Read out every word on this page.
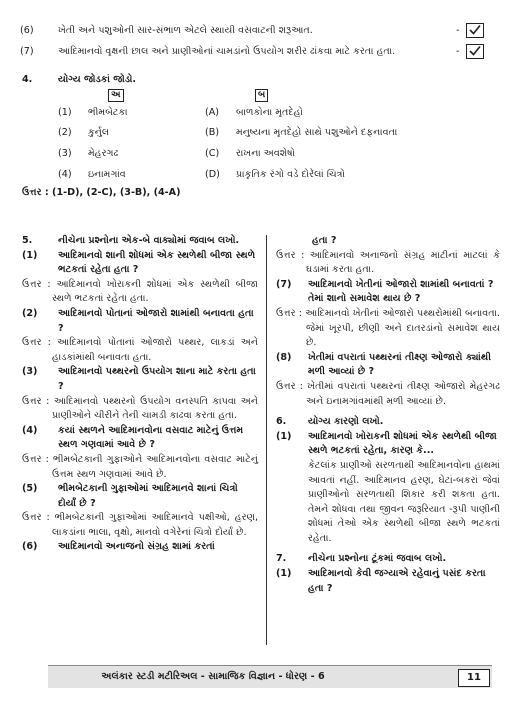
(6)	ખેતી અને પશુઓની સાર-સંભાળ એટલે સ્થાયી વસવાટની શરૂઆત.	-
(7)	આદિમાનવો વૃક્ષની છાલ અને પ્રાણીઓનાં ચામડાંનો ઉપયોગ શરીર ઢાંકવા માટે કરતા હતા.	-
4.	યોગ્ય જોડકાં જોડો.
અ	બ
(1) ભીમબેટકા	(A) બાળકોના મૃતદેહો
(2) કુર્નુલ	(B) મનુષ્યના મૃતદેહો સાથે પશુઓને દફનાવતા
(3) મેહરગઢ	(C) રાખના અવશેષો
(4) ઇનામગાંવ	(D) પ્રાકૃતિક રંગો વડે દોરેલાં ચિત્રો
ઉત્તર : (1-D), (2-C), (3-B), (4-A)
5.	નીચેના પ્રશ્નોના એક-બે વાક્યોમાં જવાબ લખો.
(1) આદિમાનવો શાની શોધમાં એક સ્થળેથી બીજા સ્થળે ભટકતાં રહેતા હતા ?
ઉત્તર : આદિમાનવો ખોરાકની શોધમાં એક સ્થળેથી બીજા સ્થળે ભટકતાં રહેતા હતા.
(2) આદિમાનવો પોતાનાં ઓજારો શામાંથી બનાવતા હતા ?
ઉત્તર : આદિમાનવો પોતાનાં ઓજારો પથ્થર, લાકડાં અને હાડકાંમાંથી બનાવતા હતા.
(3) આદિમાનવો પથ્થરનો ઉપયોગ શાના માટે કરતા હતા ?
ઉત્તર : આદિમાનવો પથ્થરનો ઉપયોગ વનસ્પતિ કાપવા અને પ્રાણીઓને ચીરીને તેની ચામડી કાઢવા કરતા હતા.
(4) કયાં સ્થળને આદિમાનવોના વસવાટ માટેનું ઉત્તમ સ્થળ ગણવામાં આવે છે ?
ઉત્તર : ભીમબેટકાની ગુફાઓને આદિમાનવોના વસવાટ માટેનું ઉત્તમ સ્થળ ગણવામાં આવે છે.
(5) ભીમબેટકાની ગુફાઓમાં આદિમાનવે શાનાં ચિત્રો દોર્યાં છે ?
ઉત્તર : ભીમબેટકાની ગુફાઓમાં આદિમાનવે પક્ષીઓ, હરણ, લાકડાંના ભાલા, વૃક્ષો, માનવો વગેરેનાં ચિત્રો દોર્યાં છે.
(6) આદિમાનવો અનાજનો સંગ્રહ શામાં કરતાં
હતા ?
ઉત્તર : આદિમાનવો અનાજનો સંગ્રહ માટીનાં માટલાં કે ઘડામાં કરતા હતા.
(7) આદિમાનવો ખેતીનાં ઓજારો શામાંથી બનાવતાં ? તેમાં શાનો સમાવેશ થાય છે ?
ઉત્તર : આદિમાનવો ખેતીનાં ઓજારો પથ્થરોમાંથી બનાવતા. જેમાં ખૂરપી, છીણી અને દાતરડાંનો સમાવેશ થાય છે.
(8) ખેતીમાં વપરાતાં પથ્થરનાં તીક્ષ્ણ ઓજારો ક્યાંથી મળી આવ્યાં છે ?
ઉત્તર : ખેતીમાં વપરાતાં પથ્થરનાં તીક્ષ્ણ ઓજારો મેહરગઢ અને ઇનામગાંવમાંથી મળી આવ્યાં છે.
6. યોગ્ય કારણો લખો.
(1) આદિમાનવો ખોરાકની શોધમાં એક સ્થળેથી બીજા સ્થળે ભટકતાં રહેતા, કારણ કે...
કેટલાંક પ્રાણીઓ સરળતાથી આદિમાનવોના હાથમાં આવતાં નહીં. આદિમાનવ હરણ, ઘેટાં-બકરાં જેવાં પ્રાણીઓનો સરળતાથી શિકાર કરી શકતા હતા. તેમને શોધવા તથા જીવન જરૂરિયાત -રૂપી પાણીની શોધમાં તેઓ એક સ્થળેથી બીજા સ્થળે ભટકતાં રહેતા.
7. નીચેના પ્રશ્નોના ટૂંકમાં જવાબ લખો.
(1) આદિમાનવો કેવી જગ્યાએ રહેવાનું પસંદ કરતા હતા ?
અલંકાર સ્ટડી મટીરિઅલ - સામાજિક વિજ્ઞાન - ધોરણ - 6	11
